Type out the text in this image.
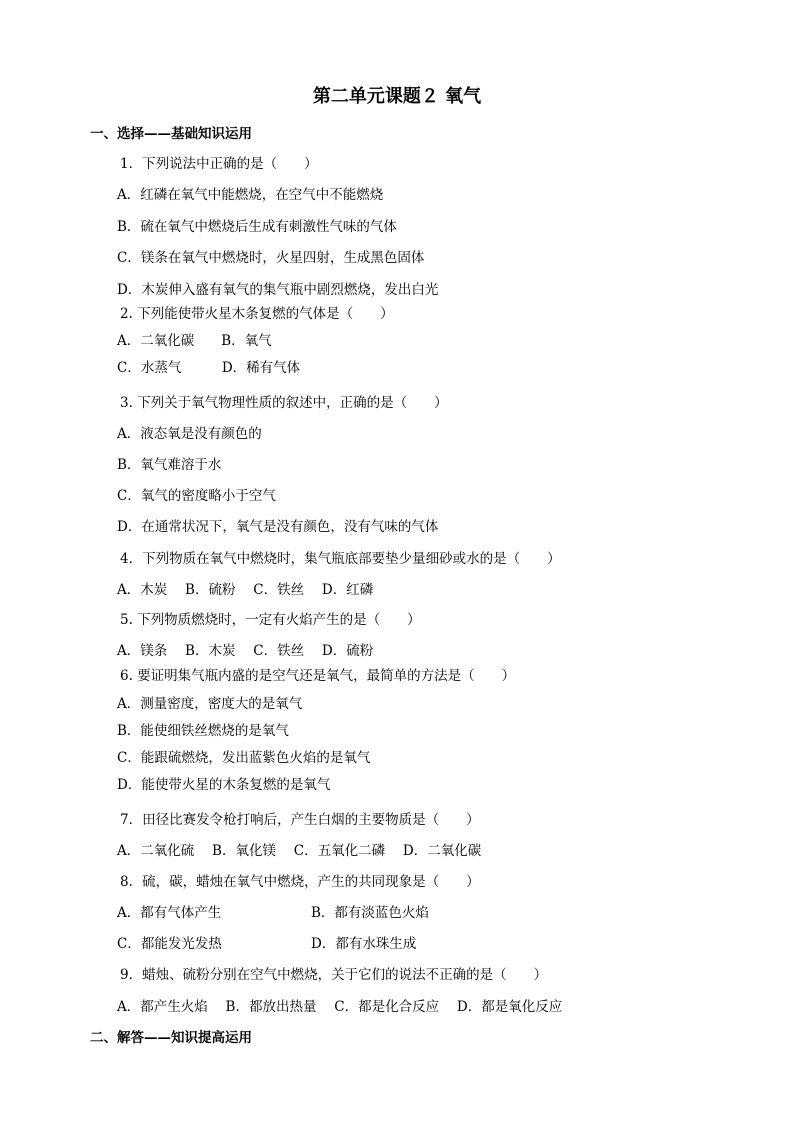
第二单元课题２ 氧气
一、选择——基础知识运用
1．下列说法中正确的是（　　）
A．红磷在氧气中能燃烧，在空气中不能燃烧
B．硫在氧气中燃烧后生成有刺激性气味的气体
C．镁条在氧气中燃烧时，火星四射，生成黑色固体
D．木炭伸入盛有氧气的集气瓶中剧烈燃烧，发出白光
2. 下列能使带火星木条复燃的气体是（　　）
A．二氧化碳　　B．氧气
C．水蒸气　　　D．稀有气体
3. 下列关于氧气物理性质的叙述中，正确的是（　　）
A．液态氧是没有颜色的
B．氧气难溶于水
C．氧气的密度略小于空气
D．在通常状况下，氧气是没有颜色，没有气味的气体
4．下列物质在氧气中燃烧时，集气瓶底部要垫少量细砂或水的是（　　）
A．木炭　 B．硫粉　 C．铁丝　 D．红磷
5. 下列物质燃烧时，一定有火焰产生的是（　　）
A．镁条　 B．木炭　 C．铁丝　 D．硫粉
6. 要证明集气瓶内盛的是空气还是氧气，最简单的方法是（　　）
A．测量密度，密度大的是氧气
B．能使细铁丝燃烧的是氧气
C．能跟硫燃烧，发出蓝紫色火焰的是氧气
D．能使带火星的木条复燃的是氧气
7．田径比赛发令枪打响后，产生白烟的主要物质是（　　）
A．二氧化硫　 B．氧化镁　 C．五氧化二磷　 D．二氧化碳
8．硫，碳，蜡烛在氧气中燃烧，产生的共同现象是（　　）
A．都有气体产生	B．都有淡蓝色火焰
C．都能发光发热	D．都有水珠生成
9．蜡烛、硫粉分别在空气中燃烧，关于它们的说法不正确的是（　　）
A．都产生火焰　 B．都放出热量　 C．都是化合反应　 D．都是氧化反应
二、解答——知识提高运用
